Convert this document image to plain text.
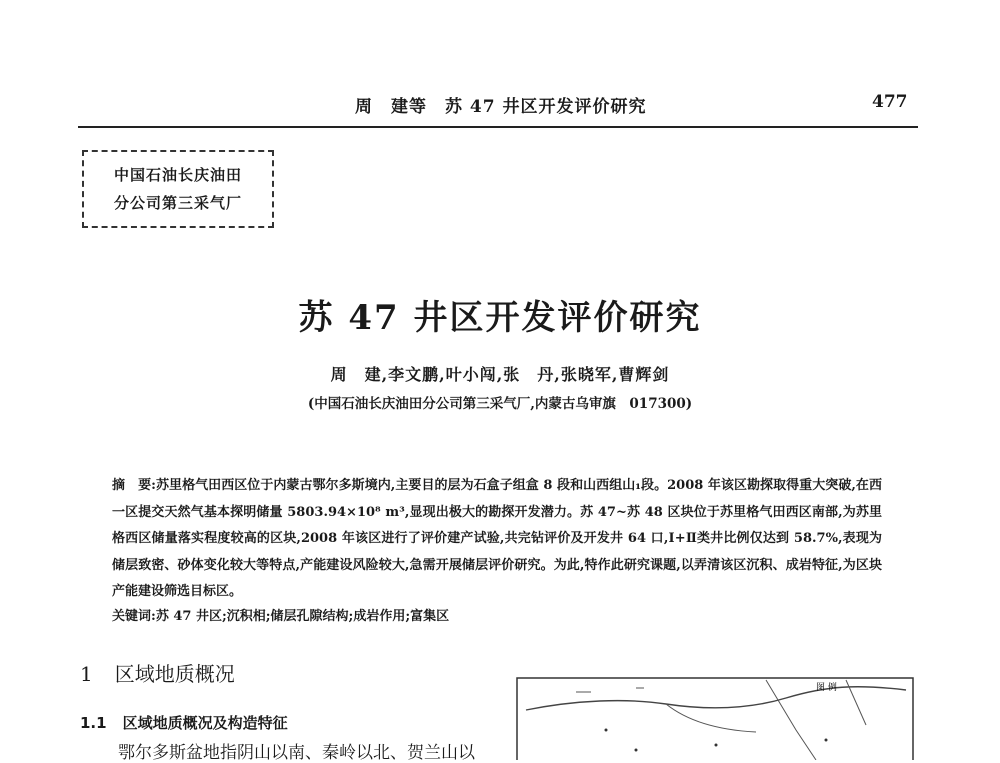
周　建等　苏 47 井区开发评价研究	477
中国石油长庆油田
分公司第三采气厂
苏 47 井区开发评价研究
周　建,李文鹏,叶小闯,张　丹,张晓军,曹辉剑
(中国石油长庆油田分公司第三采气厂,内蒙古乌审旗　017300)

摘　要:苏里格气田西区位于内蒙古鄂尔多斯境内,主要目的层为石盒子组盒 8 段和山西组山₁段。2008 年该区勘探取得重大突破,在西一区提交天然气基本探明储量 5803.94×10⁸ m³,显现出极大的勘探开发潜力。苏 47~苏 48 区块位于苏里格气田西区南部,为苏里格西区储量落实程度较高的区块,2008 年该区进行了评价建产试验,共完钻评价及开发井 64 口,Ⅰ+Ⅱ类井比例仅达到 58.7%,表现为储层致密、砂体变化较大等特点,产能建设风险较大,急需开展储层评价研究。为此,特作此研究课题,以弄清该区沉积、成岩特征,为区块产能建设筛选目标区。

关键词:苏 47 井区;沉积相;储层孔隙结构;成岩作用;富集区

1 区域地质概况
1.1 区域地质概况及构造特征

鄂尔多斯盆地指阴山以南、秦岭以北、贺兰山以

图 例
